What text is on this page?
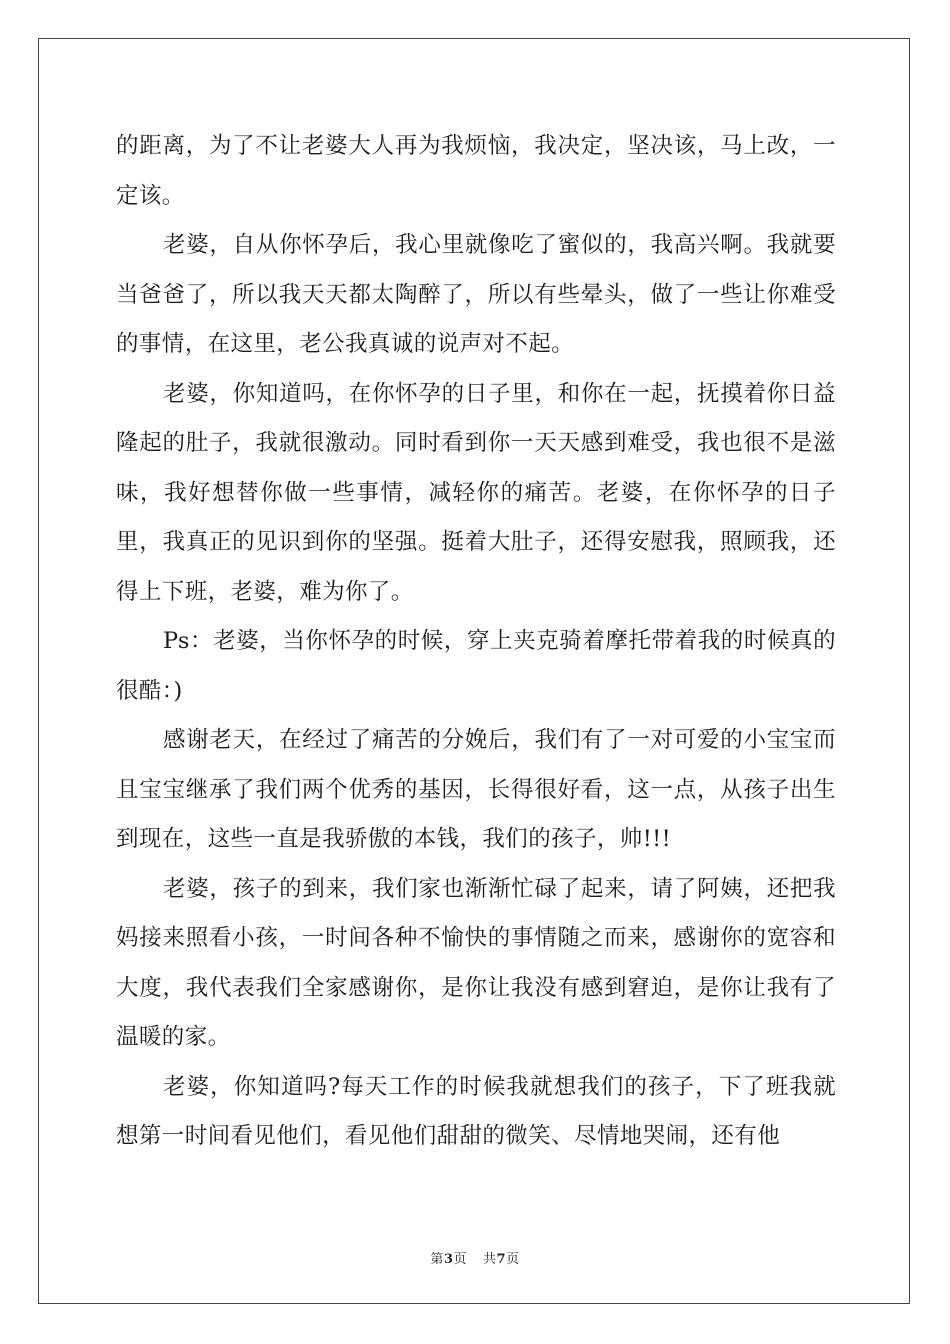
的距离，为了不让老婆大人再为我烦恼，我决定，坚决该，马上改，一定该。

老婆，自从你怀孕后，我心里就像吃了蜜似的，我高兴啊。我就要当爸爸了，所以我天天都太陶醉了，所以有些晕头，做了一些让你难受的事情，在这里，老公我真诚的说声对不起。

老婆，你知道吗，在你怀孕的日子里，和你在一起，抚摸着你日益隆起的肚子，我就很激动。同时看到你一天天感到难受，我也很不是滋味，我好想替你做一些事情，减轻你的痛苦。老婆，在你怀孕的日子里，我真正的见识到你的坚强。挺着大肚子，还得安慰我，照顾我，还得上下班，老婆，难为你了。

Ps：老婆，当你怀孕的时候，穿上夹克骑着摩托带着我的时候真的很酷：)

感谢老天，在经过了痛苦的分娩后，我们有了一对可爱的小宝宝而且宝宝继承了我们两个优秀的基因，长得很好看，这一点，从孩子出生到现在，这些一直是我骄傲的本钱，我们的孩子，帅!!!

老婆，孩子的到来，我们家也渐渐忙碌了起来，请了阿姨，还把我妈接来照看小孩，一时间各种不愉快的事情随之而来，感谢你的宽容和大度，我代表我们全家感谢你，是你让我没有感到窘迫，是你让我有了温暖的家。

老婆，你知道吗?每天工作的时候我就想我们的孩子，下了班我就想第一时间看见他们，看见他们甜甜的微笑、尽情地哭闹，还有他

第3页 共7页
